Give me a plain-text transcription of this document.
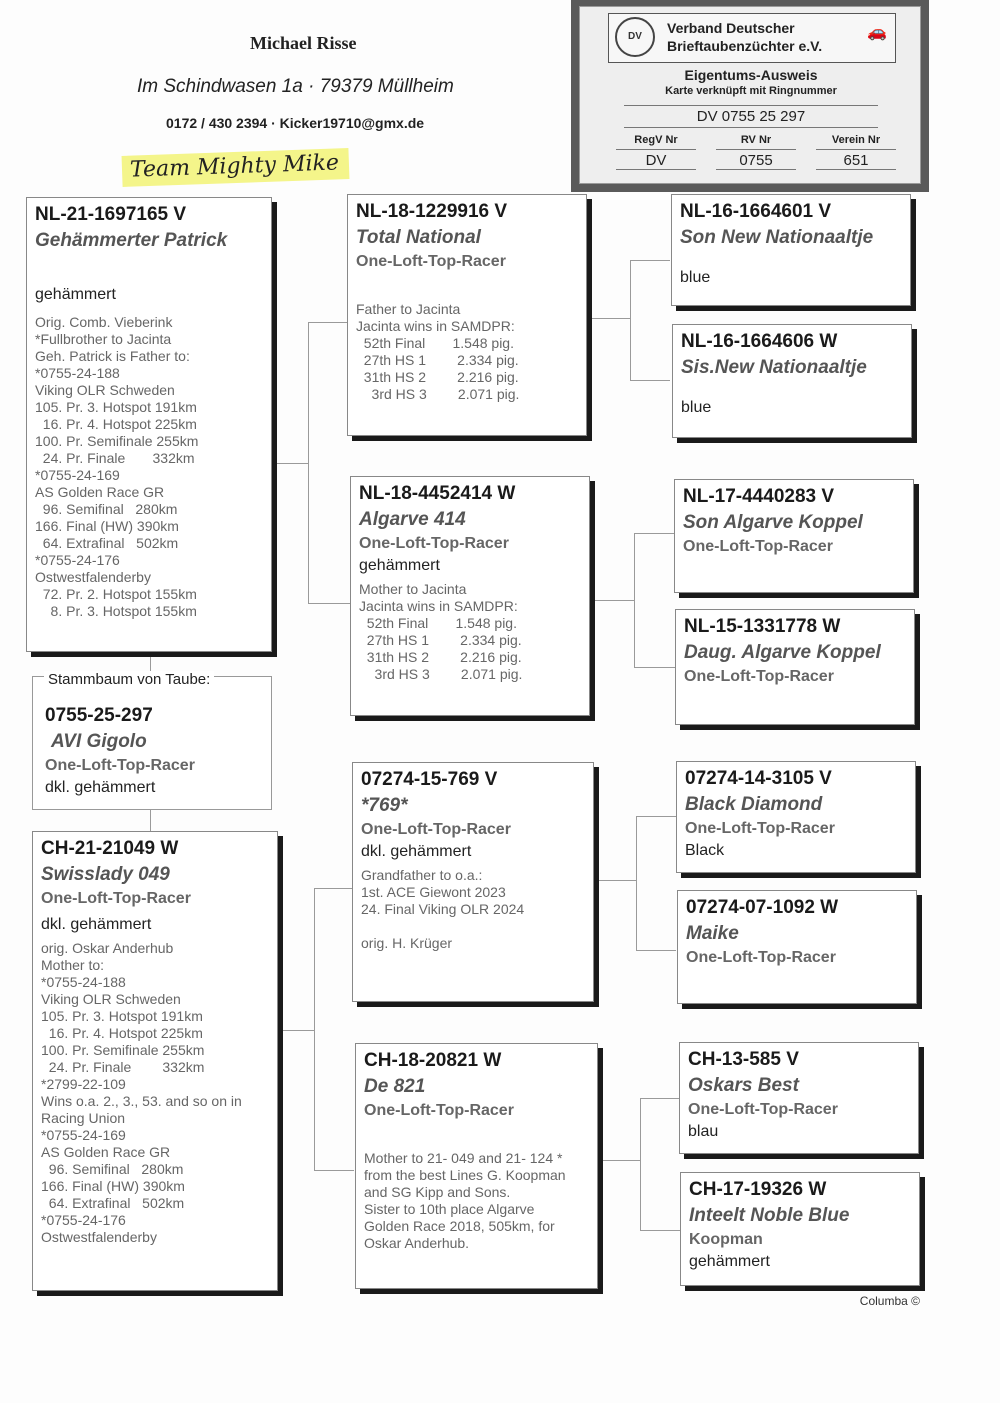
Michael Risse
Im Schindwasen 1a · 79379 Müllheim
0172 / 430 2394 · Kicker19710@gmx.de
Team Mighty Mike
DV
Verband Deutscher
Brieftaubenzüchter e.V.
🚗
Eigentums-Ausweis
Karte verknüpft mit Ringnummer
DV 0755 25 297
RegV Nr
DV
RV Nr
0755
Verein Nr
651
0755-25-297
AVI Gigolo
One-Loft-Top-Racer
dkl. gehämmert
Stammbaum von Taube:
NL-21-1697165 V
Gehämmerter Patrick
gehämmert
Orig. Comb. Vieberink
*Fullbrother to Jacinta
Geh. Patrick is Father to:
*0755-24-188
Viking OLR Schweden
105. Pr. 3. Hotspot 191km
16. Pr. 4. Hotspot 225km
100. Pr. Semifinale 255km
24. Pr. Finale       332km
*0755-24-169
AS Golden Race GR
96. Semifinal   280km
166. Final (HW) 390km
64. Extrafinal   502km
*0755-24-176
Ostwestfalenderby
72. Pr. 2. Hotspot 155km
8. Pr. 3. Hotspot 155km
CH-21-21049 W
Swisslady 049
One-Loft-Top-Racer
dkl. gehämmert
orig. Oskar Anderhub
Mother to:
*0755-24-188
Viking OLR Schweden
105. Pr. 3. Hotspot 191km
16. Pr. 4. Hotspot 225km
100. Pr. Semifinale 255km
24. Pr. Finale        332km
*2799-22-109
Wins o.a. 2., 3., 53. and so on in
Racing Union
*0755-24-169
AS Golden Race GR
96. Semifinal   280km
166. Final (HW) 390km
64. Extrafinal   502km
*0755-24-176
Ostwestfalenderby
NL-18-1229916 V
Total National
One-Loft-Top-Racer
Father to Jacinta
Jacinta wins in SAMDPR:
52th Final       1.548 pig.
27th HS 1        2.334 pig.
31th HS 2        2.216 pig.
3rd HS 3        2.071 pig.
NL-18-4452414 W
Algarve 414
One-Loft-Top-Racer
gehämmert
Mother to Jacinta
Jacinta wins in SAMDPR:
52th Final       1.548 pig.
27th HS 1        2.334 pig.
31th HS 2        2.216 pig.
3rd HS 3        2.071 pig.
07274-15-769 V
*769*
One-Loft-Top-Racer
dkl. gehämmert
Grandfather to o.a.:
1st. ACE Giewont 2023
24. Final Viking OLR 2024

orig. H. Krüger
CH-18-20821 W
De 821
One-Loft-Top-Racer
Mother to 21- 049 and 21- 124 *
from the best Lines G. Koopman
and SG Kipp and Sons.
Sister to 10th place Algarve
Golden Race 2018, 505km, for
Oskar Anderhub.
NL-16-1664601 V
Son New Nationaaltje
blue
NL-16-1664606 W
Sis.New Nationaaltje
blue
NL-17-4440283 V
Son Algarve Koppel
One-Loft-Top-Racer
NL-15-1331778 W
Daug. Algarve Koppel
One-Loft-Top-Racer
07274-14-3105 V
Black Diamond
One-Loft-Top-Racer
Black
07274-07-1092 W
Maike
One-Loft-Top-Racer
CH-13-585 V
Oskars Best
One-Loft-Top-Racer
blau
CH-17-19326 W
Inteelt Noble Blue
Koopman
gehämmert
Columba ©
